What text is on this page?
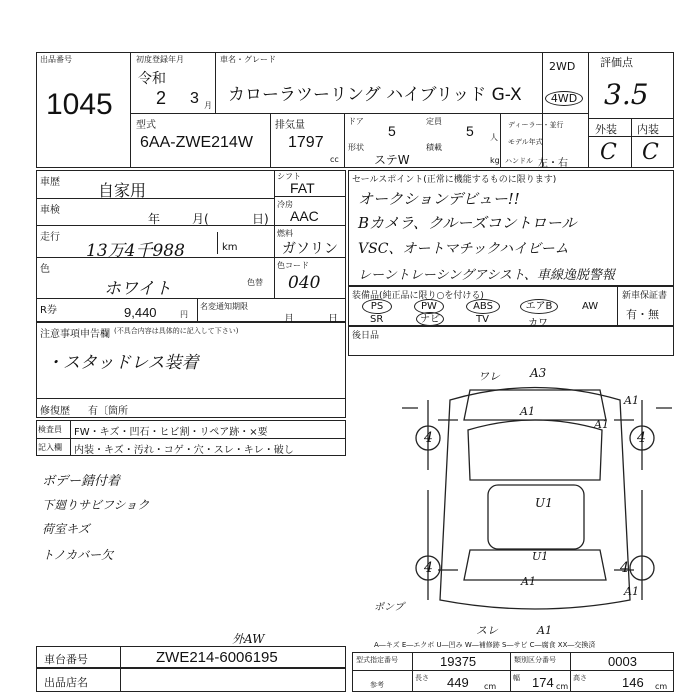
出品番号
1045
初度登録年月
令和
2 3 月
車名・グレード
カローラツーリング ハイブリッド G-X
2WD
4WD
評価点
3.5
型式
6AA-ZWE214W
排気量
1797
cc
ドア
5
定員
5 人
形状
ステW
積載
kg
ディーラー・並行
モデル年式
ハンドル 左・右
外装 内装
C C
車歴 自家用
車検
年	月(	日)
走行
13万4千988	km
シフト
FAT
冷房
AAC
燃料
ガソリン
色
ホワイト	色替
色コード
040
R券	9,440	円
名変通知期限
月	日
セールスポイント(正常に機能するものに限ります)
オークションデビュー!!
Bカメラ、クルーズコントロール
VSC、オートマチックハイビーム
レーントレーシングアシスト、車線逸脱警報
装備品(純正品に限り○を付ける)
PS	PW	ABS	エアB	AW
SR	ナビ	TV	カワ
新車保証書
有・無
注意事項申告欄 (不具合内容は具体的に記入して下さい)
・スタッドレス装着
修復歴 有〔箇所
後日品
検査員
記入欄
FW・キズ・凹石・ヒビ割・リペア跡・×要
内装・キズ・汚れ・コゲ・穴・スレ・キレ・破し
ボデー錆付着
下廻りサビフショク
荷室キズ
トノカバー欠
外AW
ワレ	A3
A1
A1
A1
U1
U1
A1
4	4
4	4
ポンプ
スレ	A1
A1
A―キズ E―エクボ U―凹み W―補修跡 S―サビ C―腐食 XX―交換済
車台番号	ZWE214-6006195
出品店名
型式指定番号	19375	類別区分番号	0003
参考
長さ 449 cm
幅 174 cm
高さ	146 cm
